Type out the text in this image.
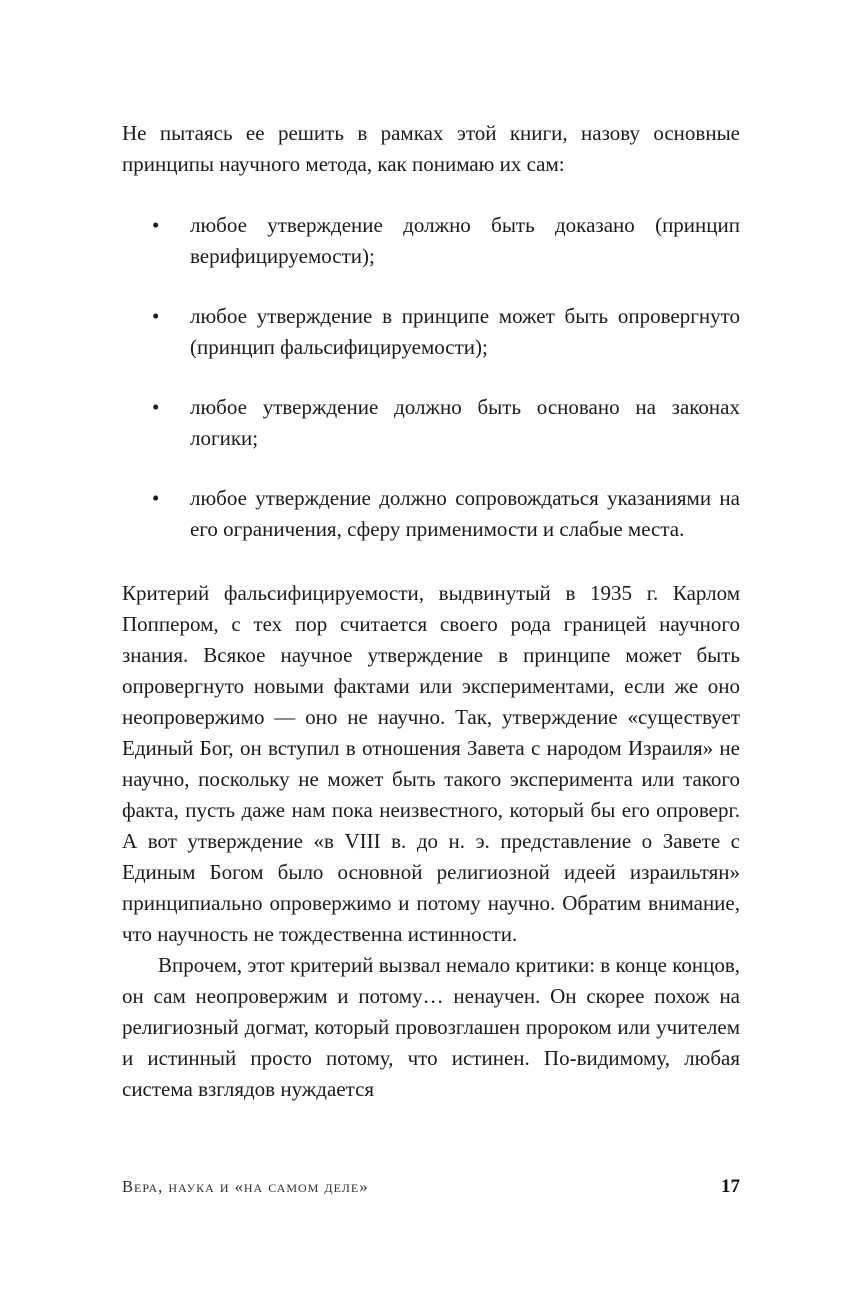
Не пытаясь ее решить в рамках этой книги, назову основные принципы научного метода, как понимаю их сам:

•	любое утверждение должно быть доказано (принцип верифицируемости);
•	любое утверждение в принципе может быть опровергнуто (принцип фальсифицируемости);
•	любое утверждение должно быть основано на законах логики;
•	любое утверждение должно сопровождаться указаниями на его ограничения, сферу применимости и слабые места.

Критерий фальсифицируемости, выдвинутый в 1935 г. Карлом Поппером, с тех пор считается своего рода границей научного знания. Всякое научное утверждение в принципе может быть опровергнуто новыми фактами или экспериментами, если же оно неопровержимо — оно не научно. Так, утверждение «существует Единый Бог, он вступил в отношения Завета с народом Израиля» не научно, поскольку не может быть такого эксперимента или такого факта, пусть даже нам пока неизвестного, который бы его опроверг. А вот утверждение «в VIII в. до н. э. представление о Завете с Единым Богом было основной религиозной идеей израильтян» принципиально опровержимо и потому научно. Обратим внимание, что научность не тождественна истинности.

Впрочем, этот критерий вызвал немало критики: в конце концов, он сам неопровержим и потому… ненаучен. Он скорее похож на религиозный догмат, который провозглашен пророком или учителем и истинный просто потому, что истинен. По-видимому, любая система взглядов нуждается

Вера, наука и «на самом деле»	17
